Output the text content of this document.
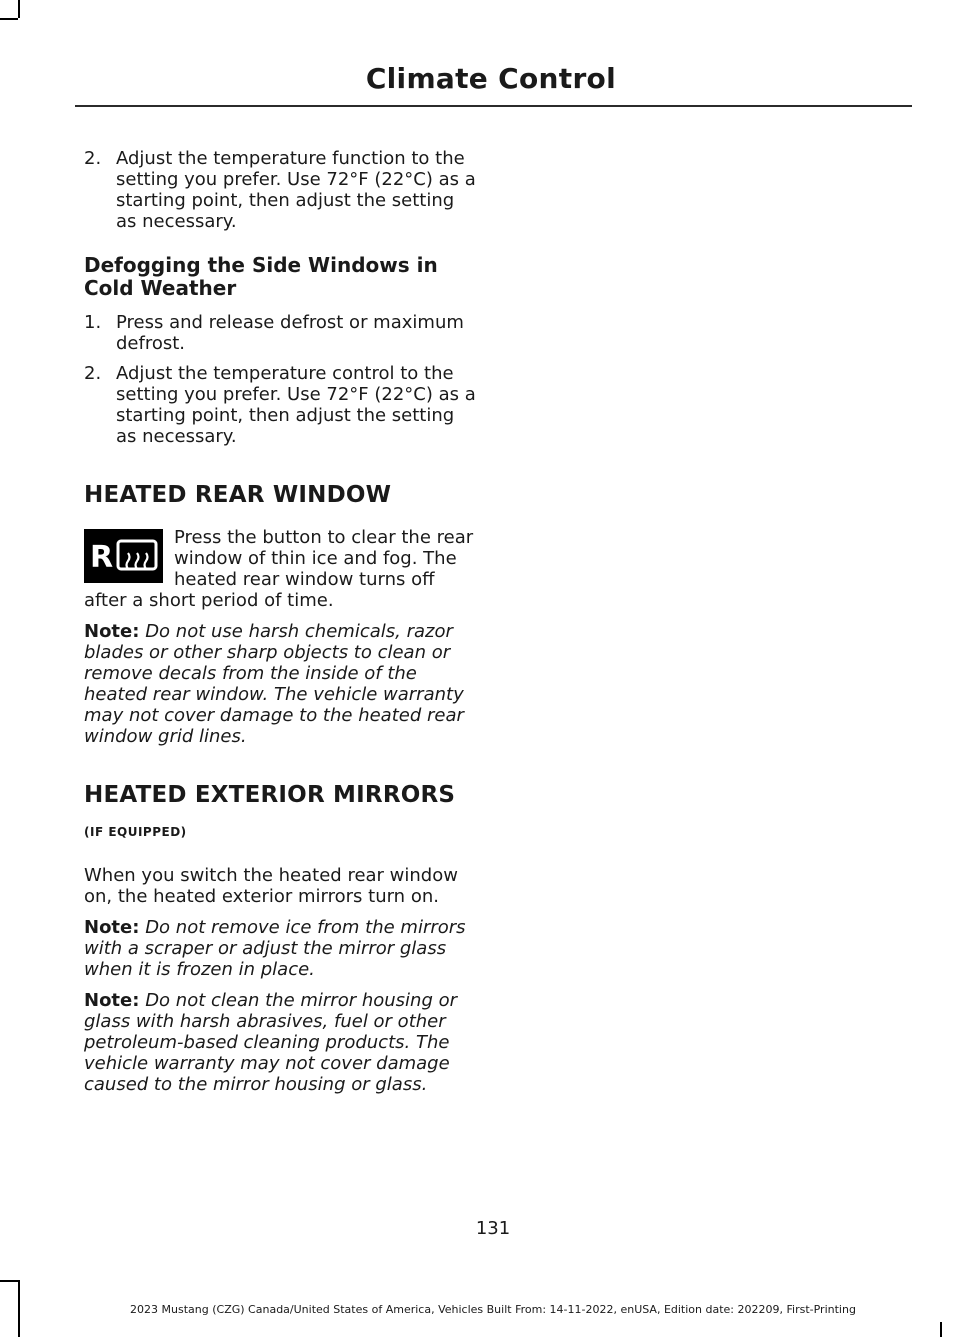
Climate Control
2. Adjust the temperature function to the setting you prefer. Use 72°F (22°C) as a starting point, then adjust the setting as necessary.
Defogging the Side Windows in Cold Weather
1. Press and release defrost or maximum defrost.
2. Adjust the temperature control to the setting you prefer. Use 72°F (22°C) as a starting point, then adjust the setting as necessary.
HEATED REAR WINDOW
R
Press the button to clear the rear window of thin ice and fog. The heated rear window turns off after a short period of time.
Note: Do not use harsh chemicals, razor blades or other sharp objects to clean or remove decals from the inside of the heated rear window. The vehicle warranty may not cover damage to the heated rear window grid lines.
HEATED EXTERIOR MIRRORS
(IF EQUIPPED)
When you switch the heated rear window on, the heated exterior mirrors turn on.
Note: Do not remove ice from the mirrors with a scraper or adjust the mirror glass when it is frozen in place.
Note: Do not clean the mirror housing or glass with harsh abrasives, fuel or other petroleum-based cleaning products. The vehicle warranty may not cover damage caused to the mirror housing or glass.
131
2023 Mustang (CZG) Canada/United States of America, Vehicles Built From: 14-11-2022, enUSA, Edition date: 202209, First-Printing
